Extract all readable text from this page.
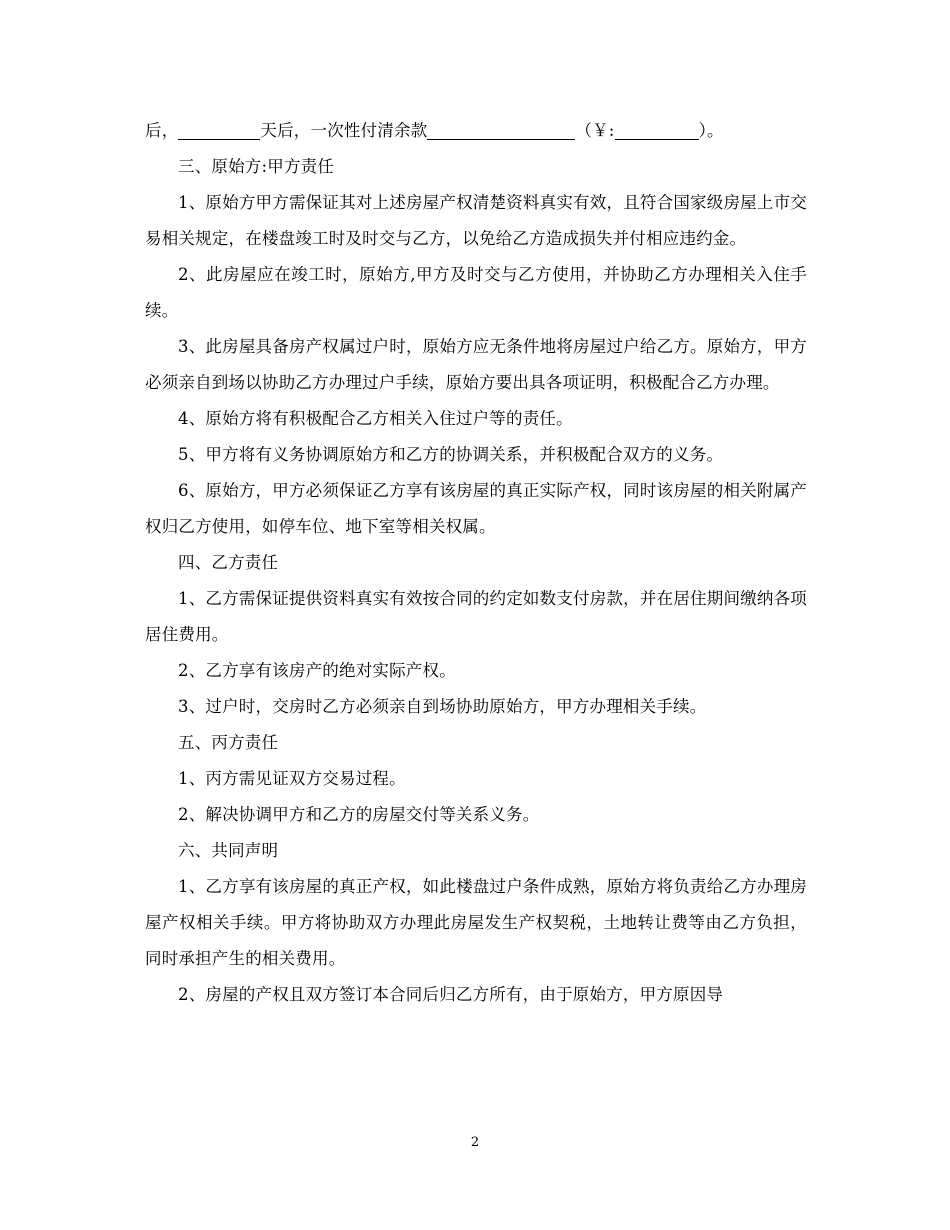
后，	天后，一次性付清余款	（￥:	）。

三、原始方:甲方责任

1、原始方甲方需保证其对上述房屋产权清楚资料真实有效，且符合国家级房屋上市交易相关规定，在楼盘竣工时及时交与乙方，以免给乙方造成损失并付相应违约金。

2、此房屋应在竣工时，原始方,甲方及时交与乙方使用，并协助乙方办理相关入住手续。

3、此房屋具备房产权属过户时，原始方应无条件地将房屋过户给乙方。原始方，甲方必须亲自到场以协助乙方办理过户手续，原始方要出具各项证明，积极配合乙方办理。

4、原始方将有积极配合乙方相关入住过户等的责任。

5、甲方将有义务协调原始方和乙方的协调关系，并积极配合双方的义务。

6、原始方，甲方必须保证乙方享有该房屋的真正实际产权，同时该房屋的相关附属产权归乙方使用，如停车位、地下室等相关权属。

四、乙方责任

1、乙方需保证提供资料真实有效按合同的约定如数支付房款，并在居住期间缴纳各项居住费用。

2、乙方享有该房产的绝对实际产权。

3、过户时，交房时乙方必须亲自到场协助原始方，甲方办理相关手续。

五、丙方责任

1、丙方需见证双方交易过程。

2、解决协调甲方和乙方的房屋交付等关系义务。

六、共同声明

1、乙方享有该房屋的真正产权，如此楼盘过户条件成熟，原始方将负责给乙方办理房屋产权相关手续。甲方将协助双方办理此房屋发生产权契税，土地转让费等由乙方负担，同时承担产生的相关费用。

2、房屋的产权且双方签订本合同后归乙方所有，由于原始方，甲方原因导

2
